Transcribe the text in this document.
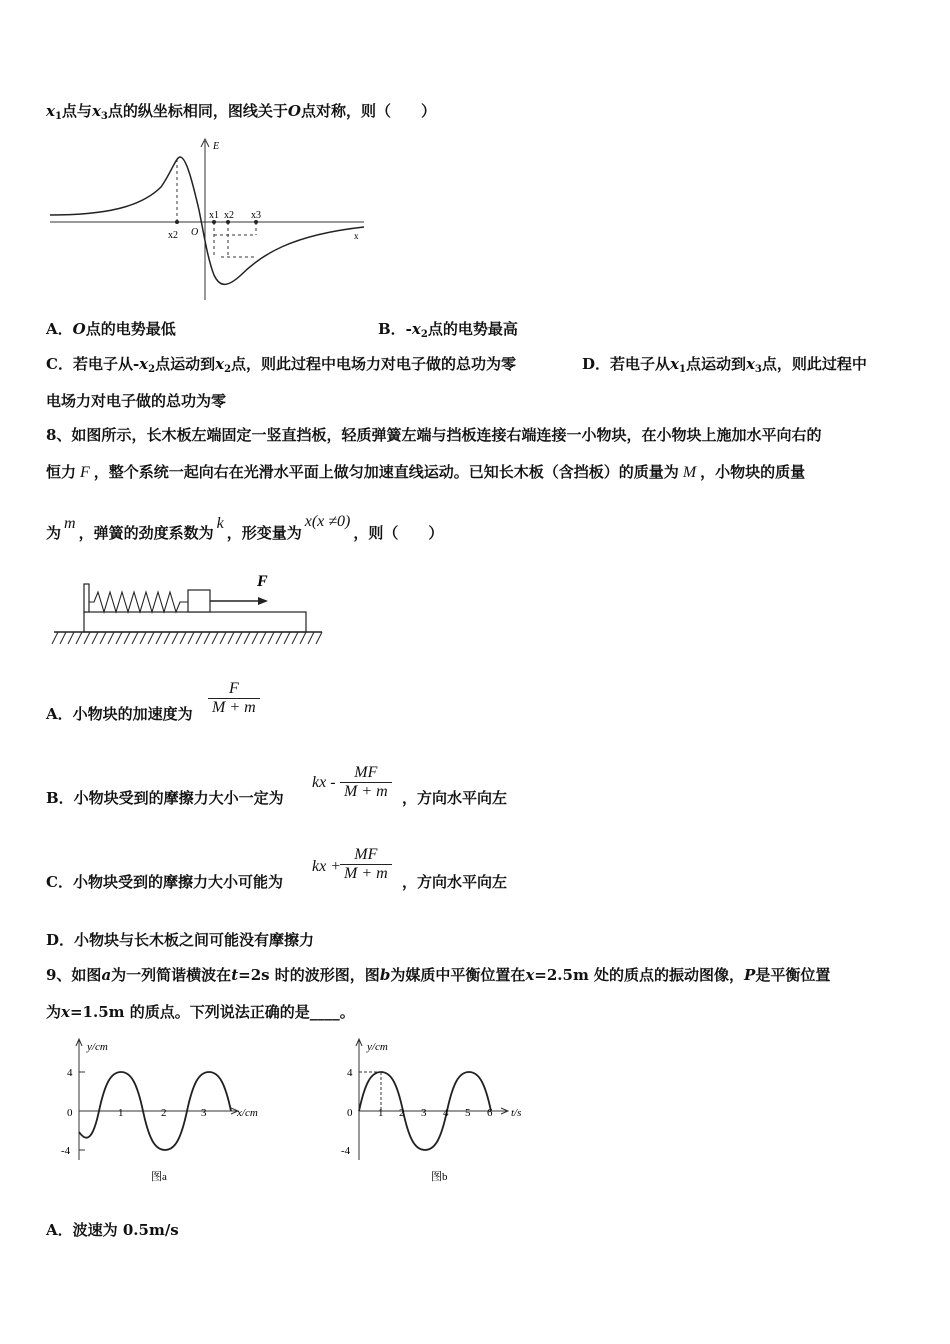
$x_1$点与$x_3$点的纵坐标相同，图线关于O点对称，则（　　）
E
x2 O
x1 x2 x3
x
A．O点的电势最低	B．$-x_2$点的电势最高
C．若电子从$-x_2$点运动到$x_2$点，则此过程中电场力对电子做的总功为零	D．若电子从$x_1$点运动到$x_3$点，则此过程中
电场力对电子做的总功为零
8、如图所示，长木板左端固定一竖直挡板，轻质弹簧左端与挡板连接右端连接一小物块，在小物块上施加水平向右的
恒力 F ，整个系统一起向右在光滑水平面上做匀加速直线运动。已知长木板（含挡板）的质量为 M ，小物块的质量
为m，弹簧的劲度系数为k，形变量为x(x ≠0)，则（　　）
F
A．小物块的加速度为
F
M + m
B．小物块受到的摩擦力大小一定为
kx -
MF
M + m ，方向水平向左
C．小物块受到的摩擦力大小可能为
kx +
MF
M + m ，方向水平向左
D．小物块与长木板之间可能没有摩擦力
9、如图a为一列简谐横波在t=2s 时的波形图，图b为媒质中平衡位置在x=2.5m 处的质点的振动图像，P是平衡位置
为x=1.5m 的质点。下列说法正确的是____。
y/cm
4
-4
0	1	2	3	x/cm
图a
y/cm
4
-4
0 1 2 3 4 5 6 t/s
图b
A．波速为 0.5m/s
